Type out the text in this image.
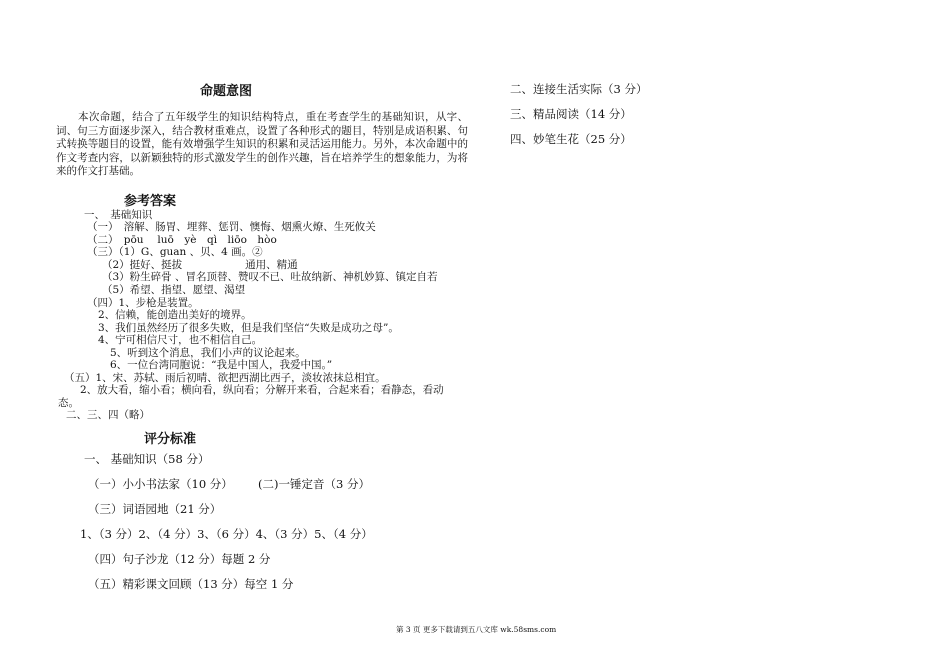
命题意图
本次命题，结合了五年级学生的知识结构特点，重在考查学生的基础知识，从字、词、句三方面逐步深入，结合教材重难点，设置了各种形式的题目，特别是成语积累、句式转换等题目的设置，能有效增强学生知识的积累和灵活运用能力。另外，本次命题中的作文考查内容，以新颖独特的形式激发学生的创作兴趣，旨在培养学生的想象能力，为将来的作文打基础。
参考答案
一、　基础知识
（一）　溶解、肠胃、埋葬、惩罚、懊悔、烟熏火燎、生死攸关
（二）　pōu　 luō　yè　qì　liōo　hòo
（三）（1）G、guan 、贝、4 画。②
（2）挺好、挺拔　　　　　　通用、精通
（3）粉生碎骨 、冒名顶替、赞叹不已、吐故纳新、神机妙算、镇定自若
（5）希望、指望、愿望、渴望
（四）1、步枪是装置。
2、信赖，能创造出美好的境界。
3、我们虽然经历了很多失败，但是我们坚信“失败是成功之母”。
4、宁可相信尺寸，也不相信自己。
5、听到这个消息，我们小声的议论起来。
6、一位台湾同胞说：“我是中国人，我爱中国。”
（五）1、宋、苏轼、雨后初晴、欲把西湖比西子，淡妆浓抹总相宜。
2、放大看，缩小看；横向看，纵向看；分解开来看，合起来看；看静态，看动
态。
二、三、四（略）
评分标准
一、 基础知识（58 分）
（一）小小书法家（10 分） (二)一锤定音（3 分）
（三）词语园地（21 分）
1、（3 分）2、（4 分）3、（6 分）4、（3 分）5、（4 分）
（四）句子沙龙（12 分）每题 2 分
（五）精彩课文回顾（13 分）每空 1 分
二、连接生活实际（3 分）
三、精品阅读（14 分）
四、妙笔生花（25 分）
第 3 页 更多下载请到五八文库 wk.58sms.com
